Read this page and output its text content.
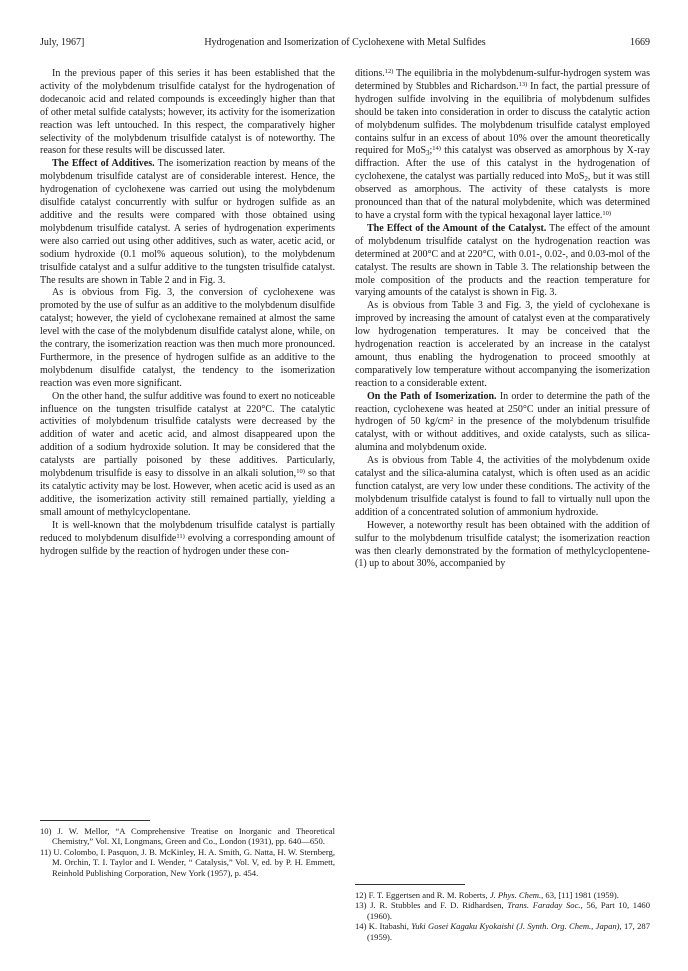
July, 1967]	Hydrogenation and Isomerization of Cyclohexene with Metal Sulfides	1669

In the previous paper of this series it has been established that the activity of the molybdenum trisulfide catalyst for the hydrogenation of dodecanoic acid and related compounds is exceedingly higher than that of other metal sulfide catalysts; however, its activity for the isomerization reaction was left untouched. In this respect, the comparatively higher selectivity of the molybdenum trisulfide catalyst is of noteworthy. The reason for these results will be discussed later.

The Effect of Additives. The isomerization reaction by means of the molybdenum trisulfide catalyst are of considerable interest. Hence, the hydrogenation of cyclohexene was carried out using the molybdenum disulfide catalyst concurrently with sulfur or hydrogen sulfide as an additive and the results were compared with those obtained using molybdenum trisulfide catalyst. A series of hydrogenation experiments were also carried out using other additives, such as water, acetic acid, or sodium hydroxide (0.1 mol% aqueous solution), to the molybdenum trisulfide catalyst and a sulfur additive to the tungsten trisulfide catalyst. The results are shown in Table 2 and in Fig. 3.

As is obvious from Fig. 3, the conversion of cyclohexene was promoted by the use of sulfur as an additive to the molybdenum disulfide catalyst; however, the yield of cyclohexane remained at almost the same level with the case of the molybdenum disulfide catalyst alone, while, on the contrary, the isomerization reaction was then much more pronounced. Furthermore, in the presence of hydrogen sulfide as an additive to the molybdenum disulfide catalyst, the tendency to the isomerization reaction was even more significant.

On the other hand, the sulfur additive was found to exert no noticeable influence on the tungsten trisulfide catalyst at 220°C. The catalytic activities of molybdenum trisulfide catalysts were decreased by the addition of water and acetic acid, and almost disappeared upon the addition of a sodium hydroxide solution. It may be considered that the catalysts are partially poisoned by these additives. Particularly, molybdenum trisulfide is easy to dissolve in an alkali solution,$^{10)}$ so that its catalytic activity may be lost. However, when acetic acid is used as an additive, the isomerization activity still remained partially, yielding a small amount of methylcyclopentane.

It is well-known that the molybdenum trisulfide catalyst is partially reduced to molybdenum disulfide$^{11)}$ evolving a corresponding amount of hydrogen sulfide by the reaction of hydrogen under these con-

ditions.$^{12)}$ The equilibria in the molybdenum-sulfur-hydrogen system was determined by Stubbles and Richardson.$^{13)}$ In fact, the partial pressure of hydrogen sulfide involving in the equilibria of molybdenum sulfides should be taken into consideration in order to discuss the catalytic action of molybdenum sulfides. The molybdenum trisulfide catalyst employed contains sulfur in an excess of about 10% over the amount theoretically required for MoS$_3$;$^{14)}$ this catalyst was observed as amorphous by X-ray diffraction. After the use of this catalyst in the hydrogenation of cyclohexene, the catalyst was partially reduced into MoS$_2$, but it was still observed as amorphous. The activity of these catalysts is more pronounced than that of the natural molybdenite, which was determined to have a crystal form with the typical hexagonal layer lattice.$^{10)}$

The Effect of the Amount of the Catalyst. The effect of the amount of molybdenum trisulfide catalyst on the hydrogenation reaction was determined at 200°C and at 220°C, with 0.01-, 0.02-, and 0.03-mol of the catalyst. The results are shown in Table 3. The relationship between the mole composition of the products and the reaction temperature for varying amounts of the catalyst is shown in Fig. 3.

As is obvious from Table 3 and Fig. 3, the yield of cyclohexane is improved by increasing the amount of catalyst even at the comparatively low hydrogenation temperatures. It may be conceived that the hydrogenation reaction is accelerated by an increase in the catalyst amount, thus enabling the hydrogenation to proceed smoothly at comparatively low temperature without accompanying the isomerization reaction to a considerable extent.

On the Path of Isomerization. In order to determine the path of the reaction, cyclohexene was heated at 250°C under an initial pressure of hydrogen of 50 $kg/cm^2$ in the presence of the molybdenum trisulfide catalyst, with or without additives, and oxide catalysts, such as silica-alumina and molybdenum oxide.

As is obvious from Table 4, the activities of the molybdenum oxide catalyst and the silica-alumina catalyst, which is often used as an acidic function catalyst, are very low under these conditions. The activity of the molybdenum trisulfide catalyst is found to fall to virtually null upon the addition of a concentrated solution of ammonium hydroxide.

However, a noteworthy result has been obtained with the addition of sulfur to the molybdenum trisulfide catalyst; the isomerization reaction was then clearly demonstrated by the formation of methylcyclopentene-(1) up to about 30%, accompanied by

10) J. W. Mellor, “A Comprehensive Treatise on Inorganic and Theoretical Chemistry,” Vol. XI, Longmans, Green and Co., London (1931), pp. 640—650.
11) U. Colombo, I. Pasquon, J. B. McKinley, H. A. Smith, G. Natta, H. W. Sternberg, M. Orchin, T. I. Taylor and I. Wender, “ Catalysis,” Vol. V, ed. by P. H. Emmett, Reinhold Publishing Corporation, New York (1957), p. 454.
12) F. T. Eggertsen and R. M. Roberts, J. Phys. Chem., 63, [11] 1981 (1959).
13) J. R. Stubbles and F. D. Ridhardsen, Trans. Faraday Soc., 56, Part 10, 1460 (1960).
14) K. Itabashi, Yuki Gosei Kagaku Kyokaishi (J. Synth. Org. Chem., Japan), 17, 287 (1959).
